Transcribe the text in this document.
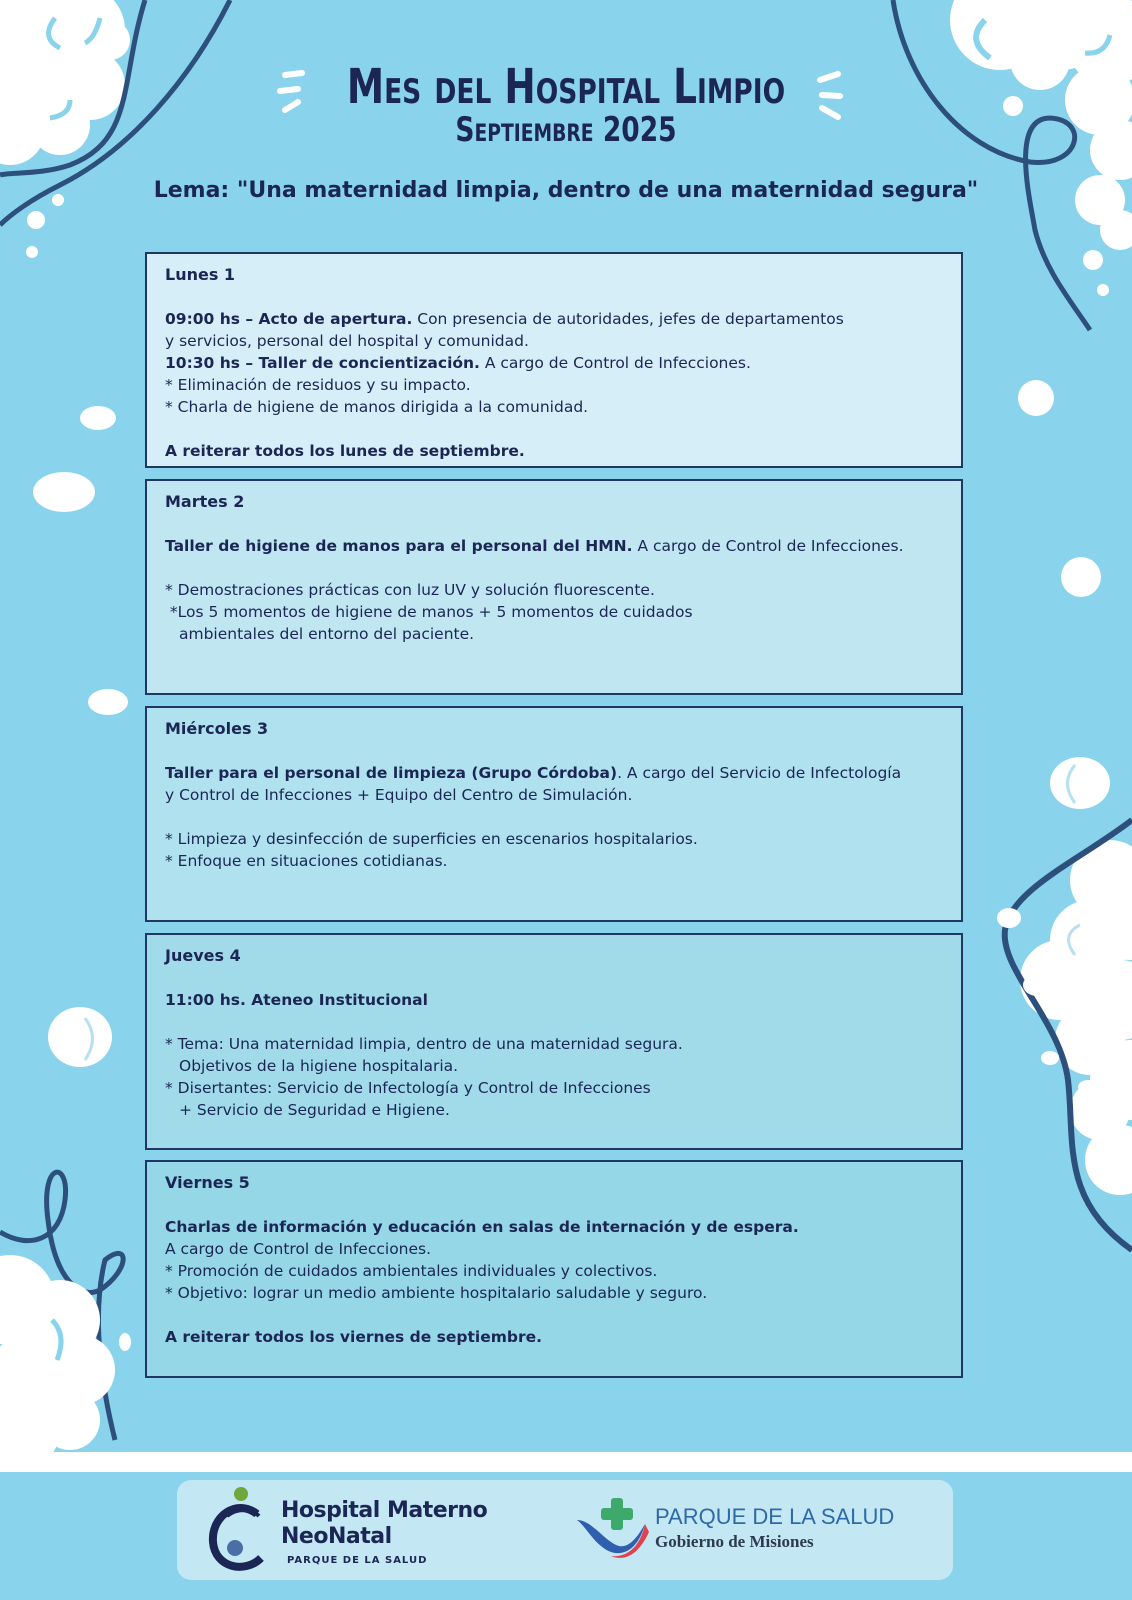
Mes del Hospital Limpio
Septiembre 2025
Lema: "Una maternidad limpia, dentro de una maternidad segura"

Lunes 1

09:00 hs – Acto de apertura. Con presencia de autoridades, jefes de departamentos

y servicios, personal del hospital y comunidad.

10:30 hs – Taller de concientización. A cargo de Control de Infecciones.

* Eliminación de residuos y su impacto.

* Charla de higiene de manos dirigida a la comunidad.

A reiterar todos los lunes de septiembre.

Martes 2

Taller de higiene de manos para el personal del HMN. A cargo de Control de Infecciones.

* Demostraciones prácticas con luz UV y solución fluorescente.

*Los 5 momentos de higiene de manos + 5 momentos de cuidados

ambientales del entorno del paciente.

Miércoles 3

Taller para el personal de limpieza (Grupo Córdoba). A cargo del Servicio de Infectología

y Control de Infecciones + Equipo del Centro de Simulación.

* Limpieza y desinfección de superficies en escenarios hospitalarios.

* Enfoque en situaciones cotidianas.

Jueves 4

11:00 hs. Ateneo Institucional

* Tema: Una maternidad limpia, dentro de una maternidad segura.

Objetivos de la higiene hospitalaria.

* Disertantes: Servicio de Infectología y Control de Infecciones

+ Servicio de Seguridad e Higiene.

Viernes 5

Charlas de información y educación en salas de internación y de espera.

A cargo de Control de Infecciones.

* Promoción de cuidados ambientales individuales y colectivos.

* Objetivo: lograr un medio ambiente hospitalario saludable y seguro.

A reiterar todos los viernes de septiembre.

Hospital Materno
NeoNatal
PARQUE DE LA SALUD
PARQUE DE LA SALUD
Gobierno de Misiones
